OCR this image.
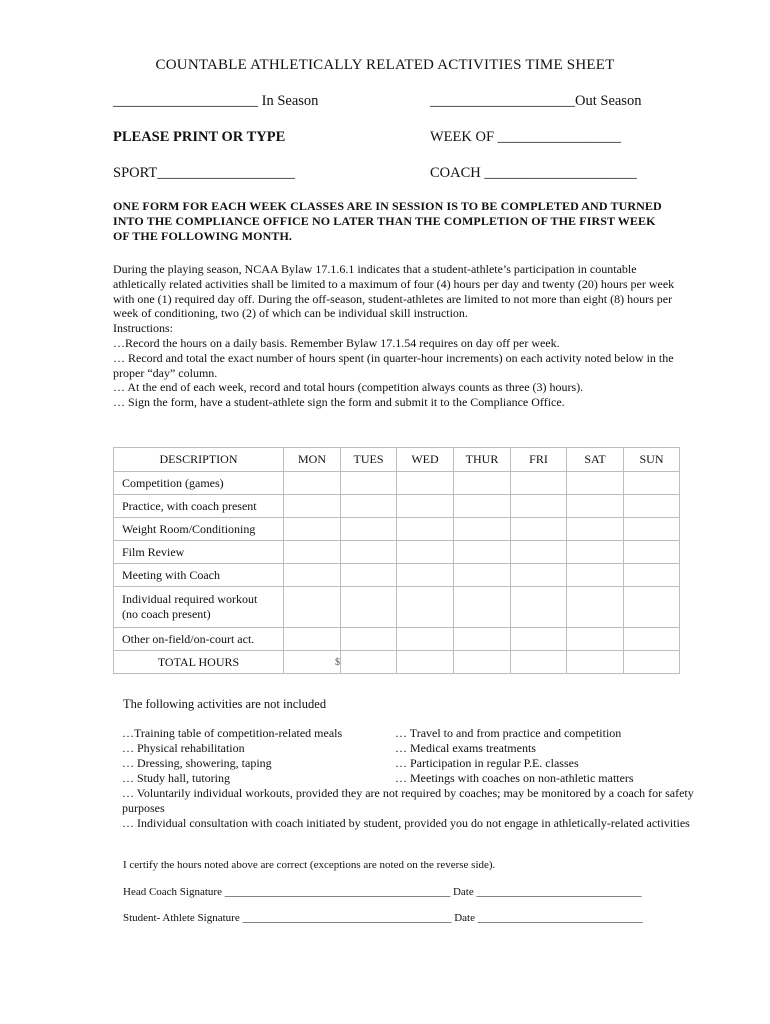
COUNTABLE ATHLETICALLY RELATED ACTIVITIES TIME SHEET
____________________ In Season	____________________Out Season
PLEASE PRINT OR TYPE	WEEK OF _________________
SPORT___________________	COACH _____________________
ONE FORM FOR EACH WEEK CLASSES ARE IN SESSION IS TO BE COMPLETED AND TURNED INTO THE COMPLIANCE OFFICE NO LATER THAN THE COMPLETION OF THE FIRST WEEK OF THE FOLLOWING MONTH.

During the playing season, NCAA Bylaw 17.1.6.1 indicates that a student-athlete’s participation in countable athletically related activities shall be limited to a maximum of four (4) hours per day and twenty (20) hours per week with one (1) required day off. During the off-season, student-athletes are limited to not more than eight (8) hours per week of conditioning, two (2) of which can be individual skill instruction.

Instructions:

…Record the hours on a daily basis. Remember Bylaw 17.1.54 requires on day off per week.

… Record and total the exact number of hours spent (in quarter-hour increments) on each activity noted below in the proper “day” column.

… At the end of each week, record and total hours (competition always counts as three (3) hours).

… Sign the form, have a student-athlete sign the form and submit it to the Compliance Office.

DESCRIPTION	MON	TUES	WED	THUR	FRI	SAT	SUN
Competition (games)							
Practice, with coach present							
Weight Room/Conditioning							
Film Review							
Meeting with Coach							
Individual required workout (no coach present)							
Other on-field/on-court act.							
TOTAL HOURS	$						
The following activities are not included
…Training table of competition-related meals
… Physical rehabilitation
… Dressing, showering, taping
… Study hall, tutoring
… Travel to and from practice and competition
… Medical exams treatments
… Participation in regular P.E. classes
… Meetings with coaches on non-athletic matters
… Voluntarily individual workouts, provided they are not required by coaches; may be monitored by a coach for safety purposes
… Individual consultation with coach initiated by student, provided you do not engage in athletically-related activities
I certify the hours noted above are correct (exceptions are noted on the reverse side).
Head Coach Signature _________________________________________ Date ______________________________
Student- Athlete Signature ______________________________________ Date ______________________________
